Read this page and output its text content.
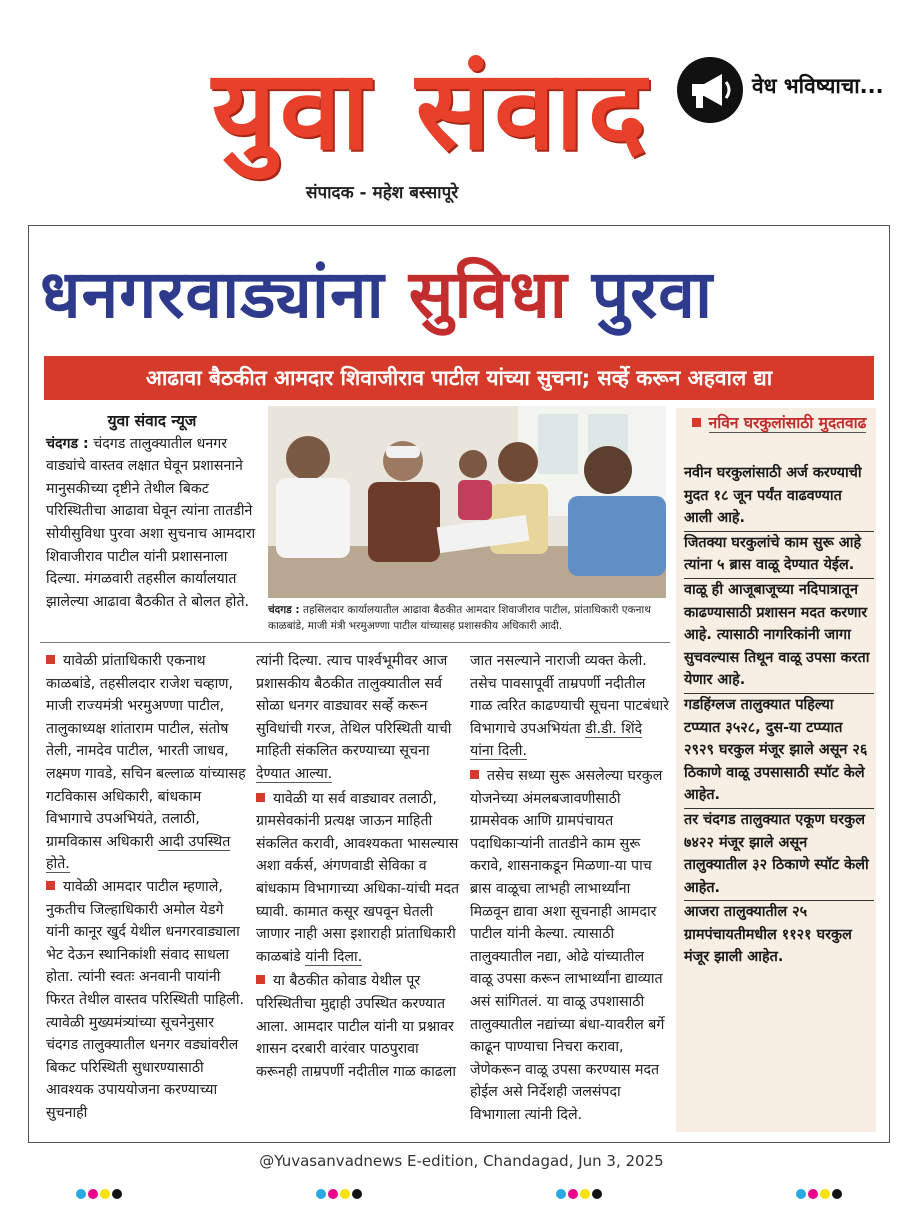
युवा संवाद	वेध भविष्याचा...
संपादक - महेश बस्सापूरे
धनगरवाड्यांना सुविधा पुरवा
आढावा बैठकीत आमदार शिवाजीराव पाटील यांच्या सुचना; सर्व्हे करून अहवाल द्या

युवा संवाद न्यूज

चंदगड : चंदगड तालुक्यातील धनगर वाड्यांचे वास्तव लक्षात घेवून प्रशासनाने मानुसकीच्या दृष्टीने तेथील बिकट परिस्थितीचा आढावा घेवून त्यांना तातडीने सोयीसुविधा पुरवा अशा सुचनाच आमदारा शिवाजीराव पाटील यांनी प्रशासनाला दिल्या. मंगळवारी तहसील कार्यालयात झालेल्या आढावा बैठकीत ते बोलत होते.

चंदगड : तहसिलदार कार्यालयातील आढावा बैठकीत आमदार शिवाजीराव पाटील, प्रांताधिकारी एकनाथ काळबांडे, माजी मंत्री भरमुअण्णा पाटील यांच्यासह प्रशासकीय अधिकारी आदी.

यावेळी प्रांताधिकारी एकनाथ काळबांडे, तहसीलदार राजेश चव्हाण, माजी राज्यमंत्री भरमुअण्णा पाटील, तालुकाध्यक्ष शांताराम पाटील, संतोष तेली, नामदेव पाटील, भारती जाधव, लक्ष्मण गावडे, सचिन बल्लाळ यांच्यासह गटविकास अधिकारी, बांधकाम विभागाचे उपअभियंते, तलाठी, ग्रामविकास अधिकारी आदी उपस्थित होते.

यावेळी आमदार पाटील म्हणाले, नुकतीच जिल्हाधिकारी अमोल येडगे यांनी कानूर खुर्द येथील धनगरवाड्याला भेट देऊन स्थानिकांशी संवाद साधला होता. त्यांनी स्वतः अनवानी पायांनी फिरत तेथील वास्तव परिस्थिती पाहिली. त्यावेळी मुख्यमंत्र्यांच्या सूचनेनुसार चंदगड तालुक्यातील धनगर वड्यांवरील बिकट परिस्थिती सुधारण्यासाठी आवश्यक उपाययोजना करण्याच्या सुचनाही

त्यांनी दिल्या. त्याच पार्श्वभूमीवर आज प्रशासकीय बैठकीत तालुक्यातील सर्व सोळा धनगर वाड्यावर सर्व्हे करून सुविधांची गरज, तेथिल परिस्थिती याची माहिती संकलित करण्याच्या सूचना देण्यात आल्या.

यावेळी या सर्व वाड्यावर तलाठी, ग्रामसेवकांनी प्रत्यक्ष जाऊन माहिती संकलित करावी, आवश्यकता भासल्यास अशा वर्कर्स, अंगणवाडी सेविका व बांधकाम विभागाच्या अधिका-यांची मदत घ्यावी. कामात कसूर खपवून घेतली जाणार नाही असा इशाराही प्रांताधिकारी काळबांडे यांनी दिला.

या बैठकीत कोवाड येथील पूर परिस्थितीचा मुद्दाही उपस्थित करण्यात आला. आमदार पाटील यांनी या प्रश्नावर शासन दरबारी वारंवार पाठपुरावा करूनही ताम्रपर्णी नदीतील गाळ काढला

जात नसल्याने नाराजी व्यक्त केली. तसेच पावसापूर्वी ताम्रपर्णी नदीतील गाळ त्वरित काढण्याची सूचना पाटबंधारे विभागाचे उपअभियंता डी.डी. शिंदे यांना दिली.

तसेच सध्या सुरू असलेल्या घरकुल योजनेच्या अंमलबजावणीसाठी ग्रामसेवक आणि ग्रामपंचायत पदाधिकाऱ्यांनी तातडीने काम सुरू करावे, शासनाकडून मिळणा-या पाच ब्रास वाळूचा लाभही लाभार्थ्यांना मिळवून द्यावा अशा सूचनाही आमदार पाटील यांनी केल्या. त्यासाठी तालुक्यातील नद्या, ओढे यांच्यातील वाळू उपसा करून लाभार्थ्यांना द्याव्यात असं सांगितलं. या वाळू उपशासाठी तालुक्यातील नद्यांच्या बंधा-यावरील बर्गे काढून पाण्याचा निचरा करावा, जेणेकरून वाळू उपसा करण्यास मदत होईल असे निर्देशही जलसंपदा विभागाला त्यांनी दिले.

नविन घरकुलांसाठी मुदतवाढ

नवीन घरकुलांसाठी अर्ज करण्याची मुदत १८ जून पर्यंत वाढवण्यात आली आहे.

जितक्या घरकुलांचे काम सुरू आहे त्यांना ५ ब्रास वाळू देण्यात येईल.

वाळू ही आजूबाजूच्या नदिपात्रातून काढण्यासाठी प्रशासन मदत करणार आहे. त्यासाठी नागरिकांनी जागा सुचवल्यास तिथून वाळू उपसा करता येणार आहे.

गडहिंग्लज तालुक्यात पहिल्या टप्प्यात ३५२८, दुस-या टप्प्यात २९२९ घरकुल मंजूर झाले असून २६ ठिकाणे वाळू उपसासाठी स्पॉट केले आहेत.

तर चंदगड तालुक्यात एकूण घरकुल ७४२२ मंजूर झाले असून तालुक्यातील ३२ ठिकाणे स्पॉट केली आहेत.

आजरा तालुक्यातील २५ ग्रामपंचायतीमधील ११२१ घरकुल मंजूर झाली आहेत.

@Yuvasanvadnews E-edition, Chandagad, Jun 3, 2025
